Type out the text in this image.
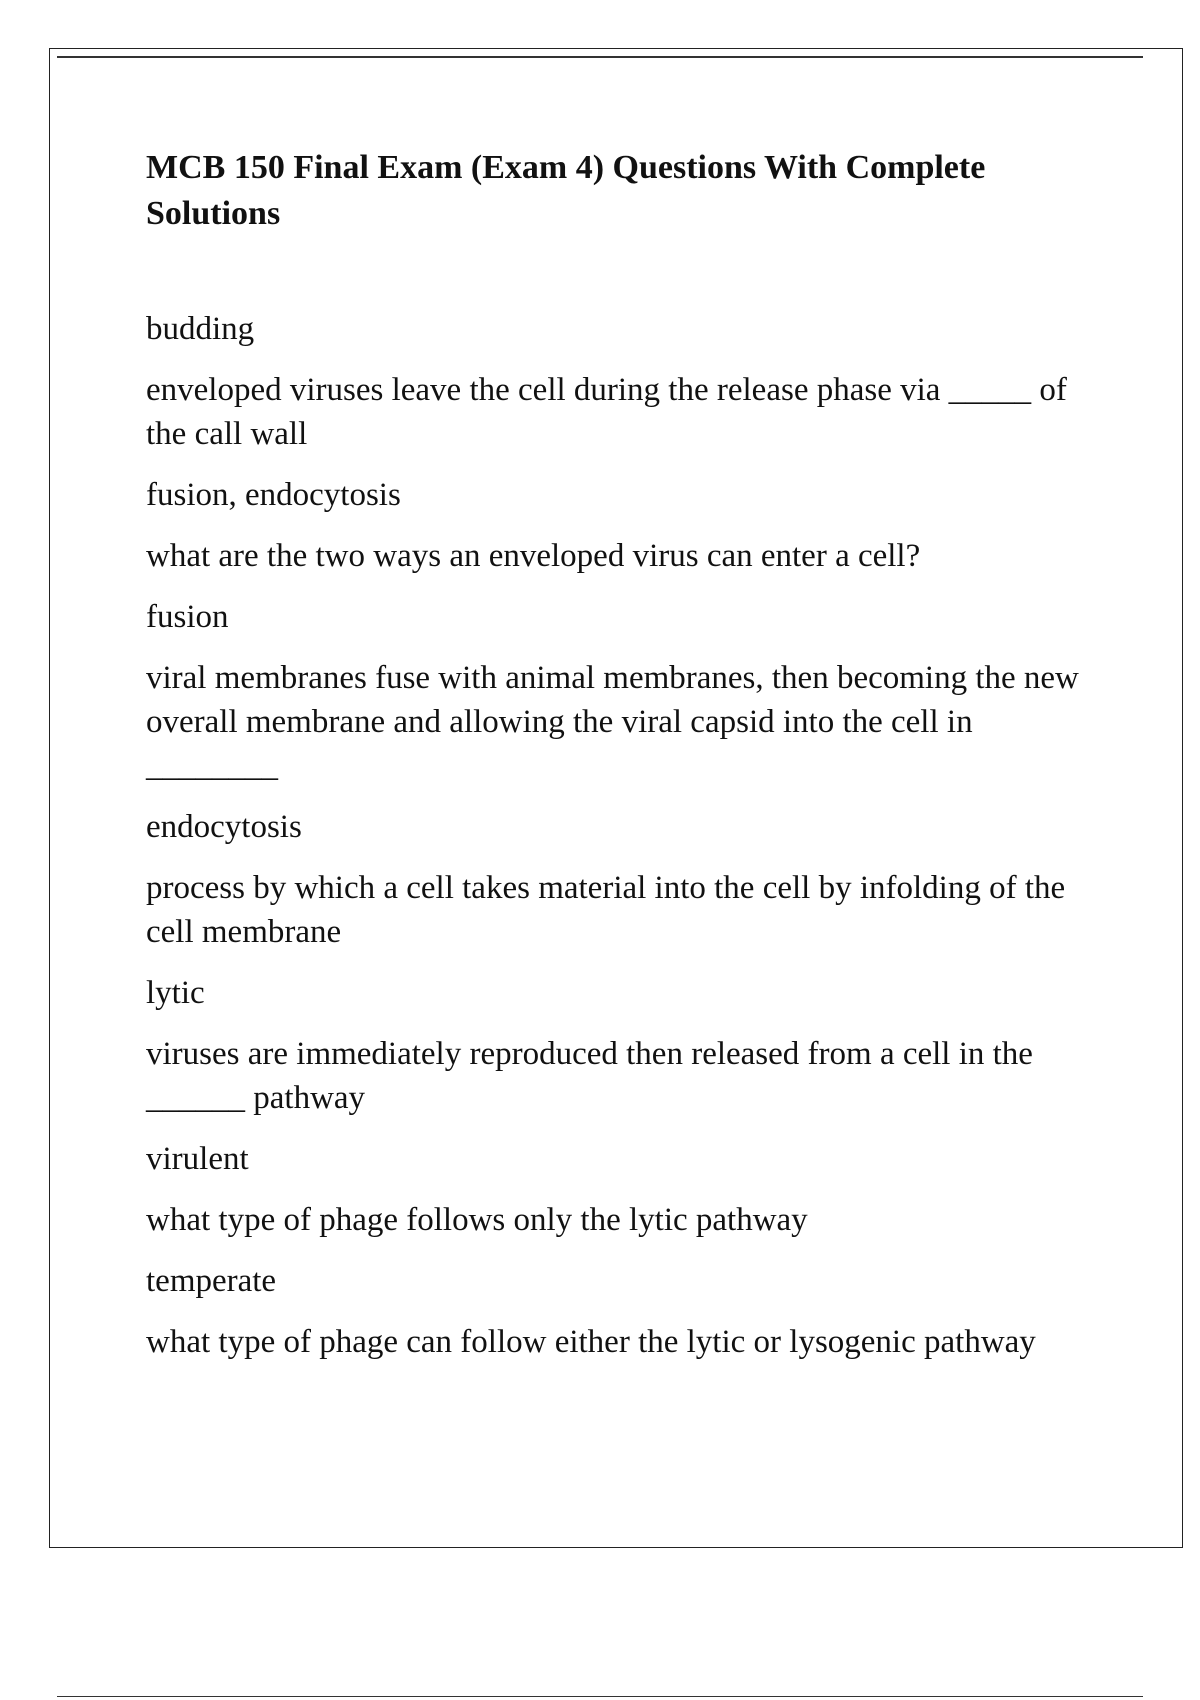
MCB 150 Final Exam (Exam 4) Questions With Complete Solutions

budding

enveloped viruses leave the cell during the release phase via _____ of the call wall

fusion, endocytosis

what are the two ways an enveloped virus can enter a cell?

fusion

viral membranes fuse with animal membranes, then becoming the new overall membrane and allowing the viral capsid into the cell in ________

endocytosis

process by which a cell takes material into the cell by infolding of the cell membrane

lytic

viruses are immediately reproduced then released from a cell in the ______ pathway

virulent

what type of phage follows only the lytic pathway

temperate

what type of phage can follow either the lytic or lysogenic pathway
